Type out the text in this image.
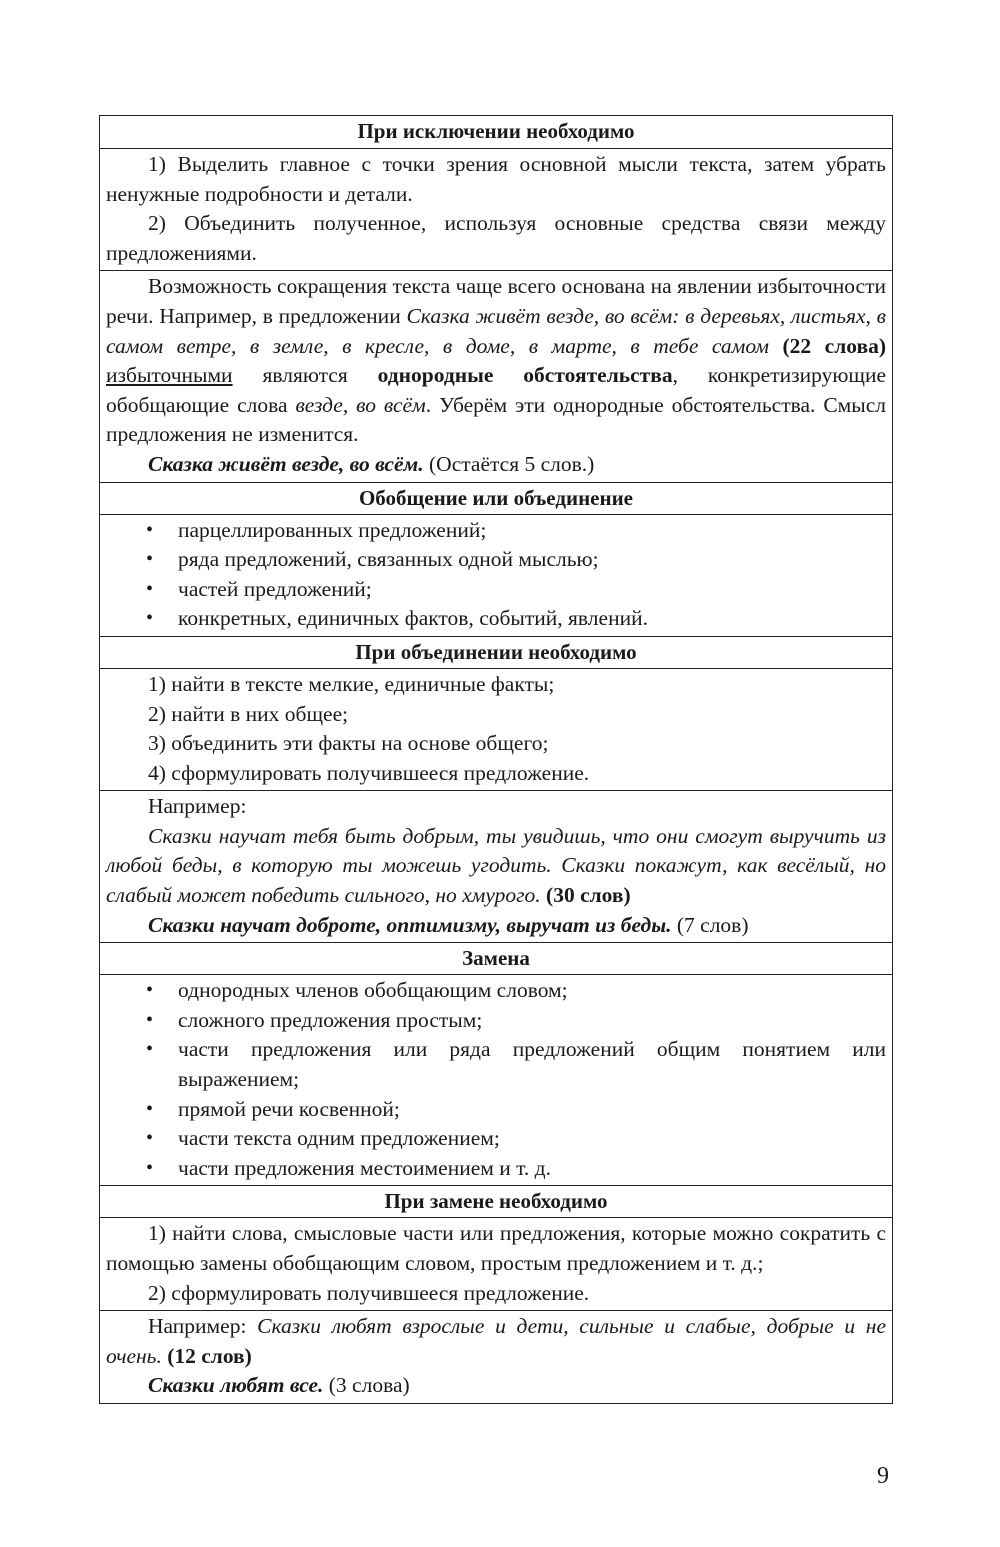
При исключении необходимо

1) Выделить главное с точки зрения основной мысли текста, затем убрать ненужные подробности и детали.

2) Объединить полученное, используя основные средства связи между предложениями.

Возможность сокращения текста чаще всего основана на явлении избыточности речи. Например, в предложении Сказка живёт везде, во всём: в деревьях, листьях, в самом ветре, в земле, в кресле, в доме, в марте, в тебе самом (22 слова) избыточными являются однородные обстоятельства, конкретизирующие обобщающие слова везде, во всём. Уберём эти однородные обстоятельства. Смысл предложения не изменится.

Сказка живёт везде, во всём. (Остаётся 5 слов.)

Обобщение или объединение

• парцеллированных предложений;

• ряда предложений, связанных одной мыслью;

• частей предложений;

• конкретных, единичных фактов, событий, явлений.

При объединении необходимо

1) найти в тексте мелкие, единичные факты;

2) найти в них общее;

3) объединить эти факты на основе общего;

4) сформулировать получившееся предложение.

Например:

Сказки научат тебя быть добрым, ты увидишь, что они смогут выручить из любой беды, в которую ты можешь угодить. Сказки покажут, как весёлый, но слабый может победить сильного, но хмурого. (30 слов)

Сказки научат доброте, оптимизму, выручат из беды. (7 слов)

Замена

• однородных членов обобщающим словом;

• сложного предложения простым;

• части предложения или ряда предложений общим понятием или выражением;

• прямой речи косвенной;

• части текста одним предложением;

• части предложения местоимением и т. д.

При замене необходимо

1) найти слова, смысловые части или предложения, которые можно сократить с помощью замены обобщающим словом, простым предложением и т. д.;

2) сформулировать получившееся предложение.

Например: Сказки любят взрослые и дети, сильные и слабые, добрые и не очень. (12 слов)

Сказки любят все. (3 слова)

9
